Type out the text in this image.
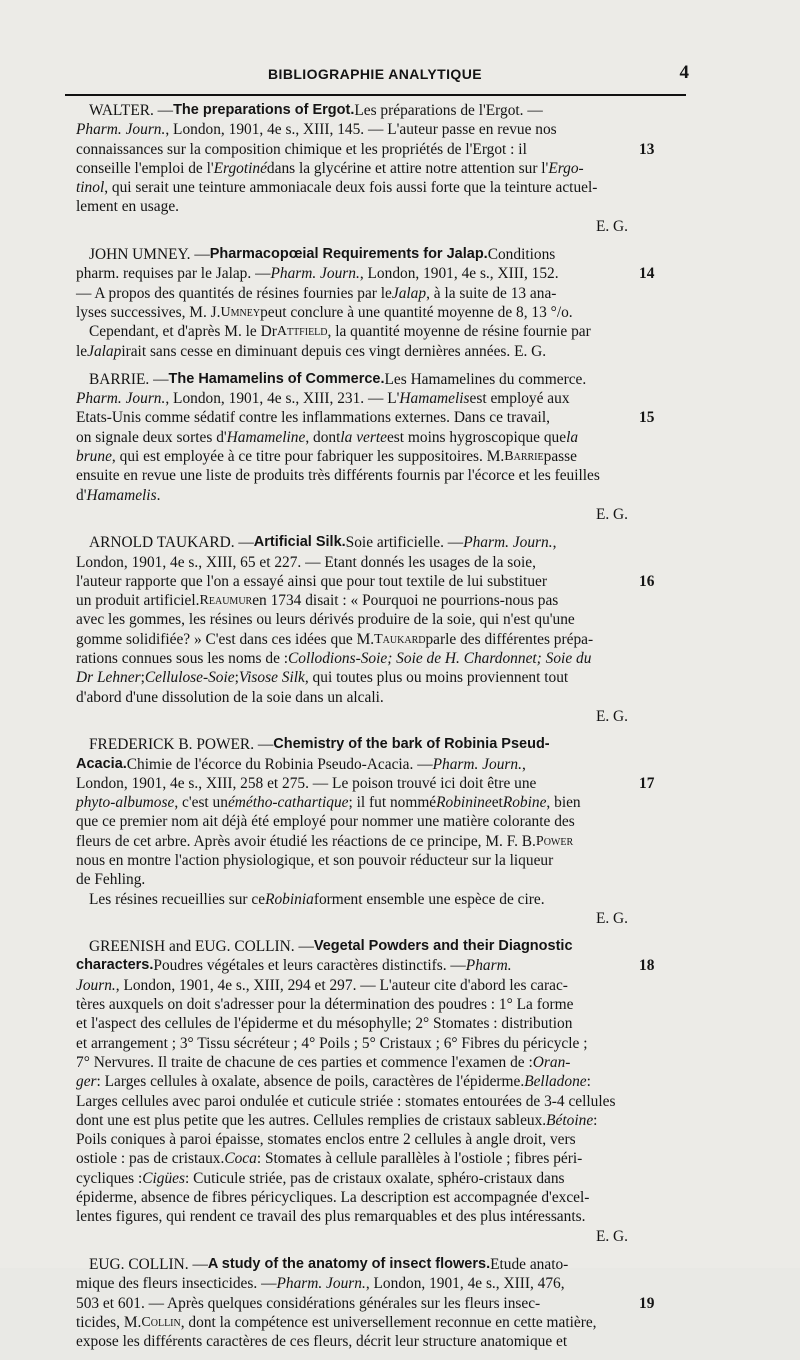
BIBLIOGRAPHIE ANALYTIQUE	4
WALTER. — The preparations of Ergot. Les préparations de l'Ergot. —
Pharm. Journ. , London, 1901, 4e s., XIII, 145. — L'auteur passe en revue nos
connaissances sur la composition chimique et les propriétés de l'Ergot : il
conseille l'emploi de l' Ergotiné dans la glycérine et attire notre attention sur l' Ergo-
tinol , qui serait une teinture ammoniacale deux fois aussi forte que la teinture actuel-
lement en usage.
E. G.
13
JOHN UMNEY. — Pharmacopœial Requirements for Jalap. Conditions
pharm. requises par le Jalap. — Pharm. Journ. , London, 1901, 4e s., XIII, 152.
— A propos des quantités de résines fournies par le Jalap , à la suite de 13 ana-
lyses successives, M. J. Umney peut conclure à une quantité moyenne de 8, 13 °/o.
Cependant, et d'après M. le Dr Attfield , la quantité moyenne de résine fournie par
le Jalap irait sans cesse en diminuant depuis ces vingt dernières années. E. G.
14
BARRIE. — The Hamamelins of Commerce. Les Hamamelines du commerce.
Pharm. Journ. , London, 1901, 4e s., XIII, 231. — L' Hamamelis est employé aux
Etats-Unis comme sédatif contre les inflammations externes. Dans ce travail,
on signale deux sortes d' Hamameline , dont la verte est moins hygroscopique que la
brune , qui est employée à ce titre pour fabriquer les suppositoires. M. Barrie passe
ensuite en revue une liste de produits très différents fournis par l'écorce et les feuilles
d' Hamamelis .
E. G.
15
ARNOLD TAUKARD. — Artificial Silk. Soie artificielle. — Pharm. Journ. ,
London, 1901, 4e s., XIII, 65 et 227. — Etant donnés les usages de la soie,
l'auteur rapporte que l'on a essayé ainsi que pour tout textile de lui substituer
un produit artificiel. Reaumur en 1734 disait : « Pourquoi ne pourrions-nous pas
avec les gommes, les résines ou leurs dérivés produire de la soie, qui n'est qu'une
gomme solidifiée? » C'est dans ces idées que M. Taukard parle des différentes prépa-
rations connues sous les noms de : Collodions-Soie; Soie de H. Chardonnet; Soie du
Dr Lehner ; Cellulose-Soie ; Visose Silk , qui toutes plus ou moins proviennent tout
d'abord d'une dissolution de la soie dans un alcali.
E. G.
16
FREDERICK B. POWER. — Chemistry of the bark of Robinia Pseud-
Acacia. Chimie de l'écorce du Robinia Pseudo-Acacia. — Pharm. Journ. ,
London, 1901, 4e s., XIII, 258 et 275. — Le poison trouvé ici doit être une
phyto-albumose , c'est un émétho-cathartique ; il fut nommé Robinine et Robine , bien
que ce premier nom ait déjà été employé pour nommer une matière colorante des
fleurs de cet arbre. Après avoir étudié les réactions de ce principe, M. F. B. Power
nous en montre l'action physiologique, et son pouvoir réducteur sur la liqueur
de Fehling.
Les résines recueillies sur ce Robinia forment ensemble une espèce de cire.
E. G.
17
GREENISH and EUG. COLLIN. — Vegetal Powders and their Diagnostic
characters. Poudres végétales et leurs caractères distinctifs. — Pharm.
Journ. , London, 1901, 4e s., XIII, 294 et 297. — L'auteur cite d'abord les carac-
tères auxquels on doit s'adresser pour la détermination des poudres : 1° La forme
et l'aspect des cellules de l'épiderme et du mésophylle; 2° Stomates : distribution
et arrangement ; 3° Tissu sécréteur ; 4° Poils ; 5° Cristaux ; 6° Fibres du péricycle ;
7° Nervures. Il traite de chacune de ces parties et commence l'examen de : Oran-
ger : Larges cellules à oxalate, absence de poils, caractères de l'épiderme. Belladone :
Larges cellules avec paroi ondulée et cuticule striée : stomates entourées de 3-4 cellules
dont une est plus petite que les autres. Cellules remplies de cristaux sableux. Bétoine :
Poils coniques à paroi épaisse, stomates enclos entre 2 cellules à angle droit, vers
ostiole : pas de cristaux. Coca : Stomates à cellule parallèles à l'ostiole ; fibres péri-
cycliques : Cigües : Cuticule striée, pas de cristaux oxalate, sphéro-cristaux dans
épiderme, absence de fibres péricycliques. La description est accompagnée d'excel-
lentes figures, qui rendent ce travail des plus remarquables et des plus intéressants.
E. G.
18
EUG. COLLIN. — A study of the anatomy of insect flowers. Etude anato-
mique des fleurs insecticides. — Pharm. Journ. , London, 1901, 4e s., XIII, 476,
503 et 601. — Après quelques considérations générales sur les fleurs insec-
ticides, M. Collin , dont la compétence est universellement reconnue en cette matière,
expose les différents caractères de ces fleurs, décrit leur structure anatomique et
19
